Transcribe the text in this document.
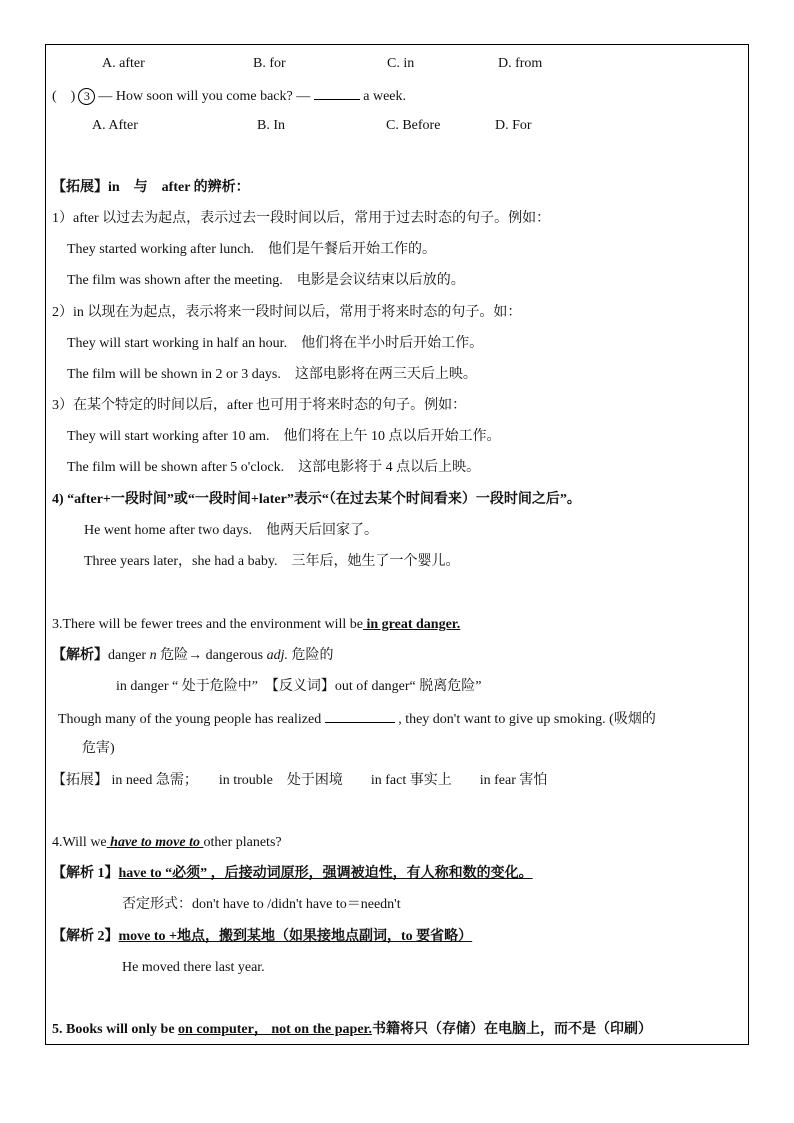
A. after	B. for	C. in	D. from
(　) 3 — How soon will you come back? —	a week.
A. After	B. In	C. Before	D. For
【拓展】in　与　after 的辨析：
1）after 以过去为起点，表示过去一段时间以后，常用于过去时态的句子。例如：
They started working after lunch.　他们是午餐后开始工作的。
The film was shown after the meeting.　电影是会议结束以后放的。
2）in 以现在为起点，表示将来一段时间以后，常用于将来时态的句子。如：
They will start working in half an hour.　他们将在半小时后开始工作。
The film will be shown in 2 or 3 days.　这部电影将在两三天后上映。
3）在某个特定的时间以后，after 也可用于将来时态的句子。例如：
They will start working after 10 am.　他们将在上午 10 点以后开始工作。
The film will be shown after 5 o'clock.　这部电影将于 4 点以后上映。
4) “after+一段时间”或“一段时间+later”表示“（在过去某个时间看来）一段时间之后”。
He went home after two days.　他两天后回家了。
Three years later，she had a baby.　三年后，她生了一个婴儿。
3.There will be fewer trees and the environment will be in great danger.
【解析】danger n 危险→ dangerous adj. 危险的
in danger “ 处于危险中”　【反义词】out of danger“ 脱离危险”
Though many of the young people has realized	, they don't want to give up smoking. (吸烟的
危害)
【拓展】 in need 急需；　　in trouble　处于困境　　in fact 事实上　　in fear 害怕
4.Will we have to move to other planets?
【解析 1】have to “必须” ，后接动词原形，强调被迫性，有人称和数的变化。
否定形式：don't have to /didn't have to＝needn't
【解析 2】move to +地点，搬到某地（如果接地点副词，to 要省略）
He moved there last year.
5. Books will only be on computer， not on the paper.书籍将只（存储）在电脑上，而不是（印刷）
